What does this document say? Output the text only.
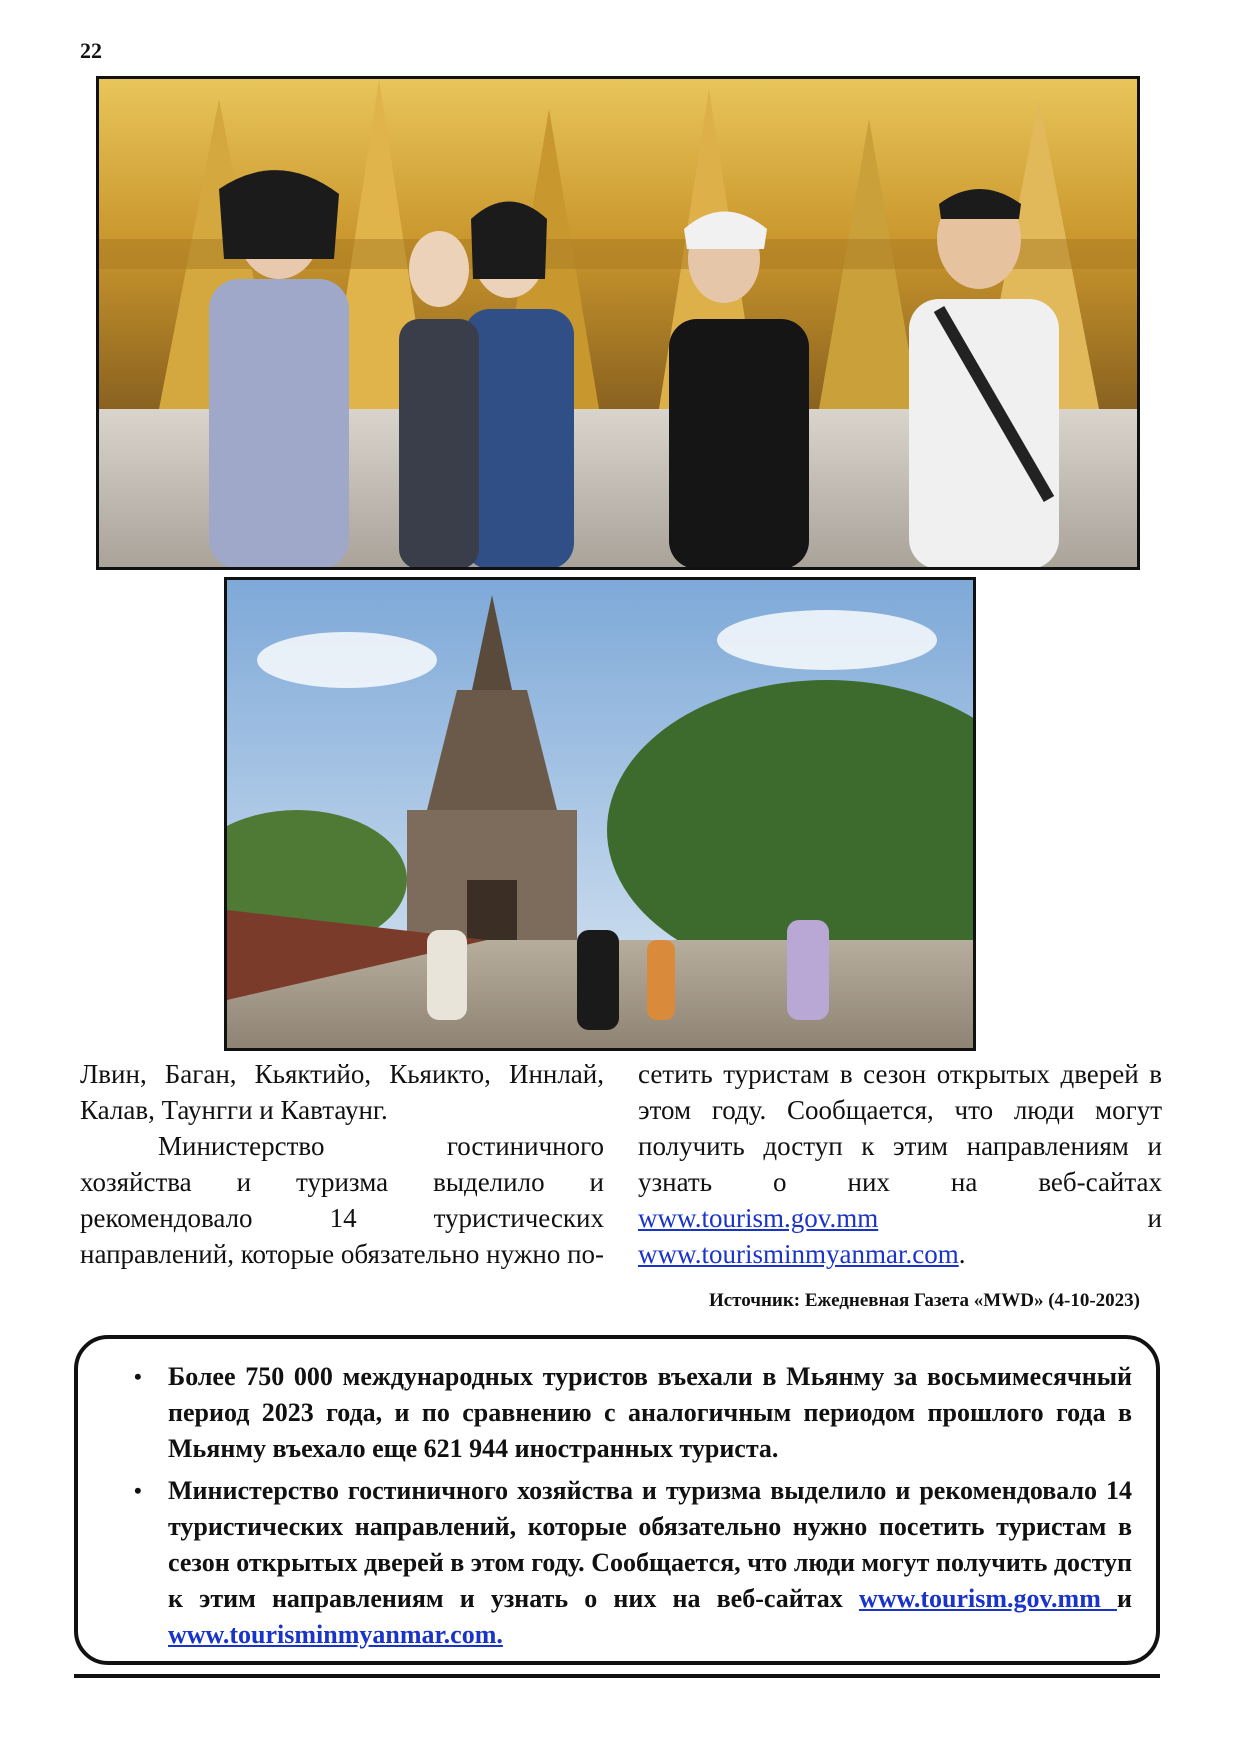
22

Лвин, Баган, Кьяктийо, Кьяикто, Иннлай, Калав, Таунгги и Кавтаунг.

Министерство гостиничного хозяйства и туризма выделило и рекомендовало 14 туристических направлений, которые обязательно нужно по-

сетить туристам в сезон открытых дверей в этом году. Сообщается, что люди могут получить доступ к этим направлениям и узнать о них на веб-сайтах www.tourism.gov.mm	и www.tourisminmyanmar.com.

Источник: Ежедневная Газета «MWD» (4-10-2023)
• Более 750 000 международных туристов въехали в Мьянму за восьмимесячный период 2023 года, и по сравнению с аналогичным периодом прошлого года в Мьянму въехало еще 621 944 иностранных туриста.
• Министерство гостиничного хозяйства и туризма выделило и рекомендовало 14 туристических направлений, которые обязательно нужно посетить туристам в сезон открытых дверей в этом году. Сообщается, что люди могут получить доступ к этим направлениям и узнать о них на веб-сайтах www.tourism.gov.mm и www.tourisminmyanmar.com.
